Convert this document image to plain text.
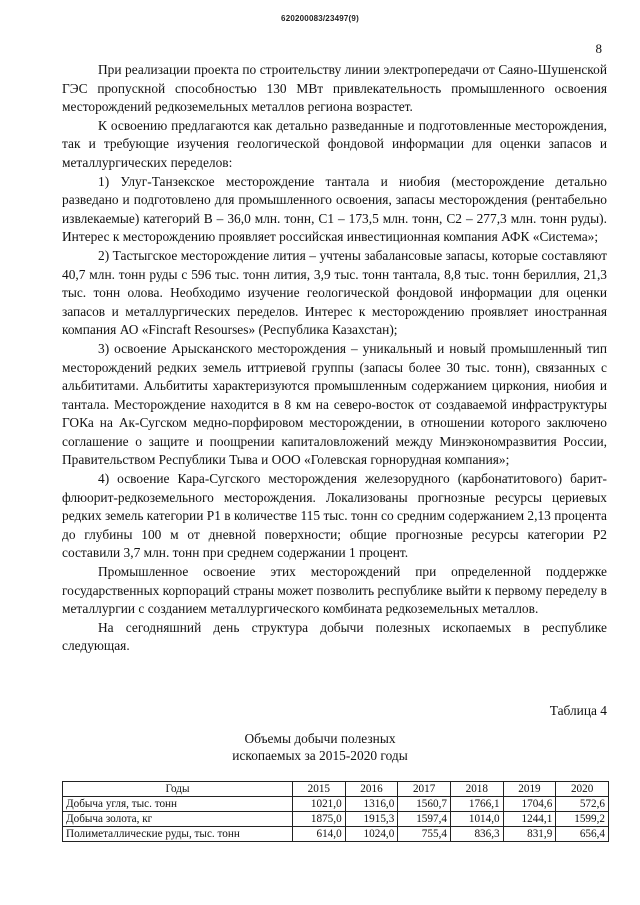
620200083/23497(9)
8

При реализации проекта по строительству линии электропередачи от Саяно-Шушенской ГЭС пропускной способностью 130 МВт привлекательность промышленного освоения месторождений редкоземельных металлов региона возрастет.

К освоению предлагаются как детально разведанные и подготовленные месторождения, так и требующие изучения геологической фондовой информации для оценки запасов и металлургических переделов:

1) Улуг-Танзекское месторождение тантала и ниобия (месторождение детально разведано и подготовлено для промышленного освоения, запасы месторождения (рентабельно извлекаемые) категорий В – 36,0 млн. тонн, С1 – 173,5 млн. тонн, С2 – 277,3 млн. тонн руды). Интерес к месторождению проявляет российская инвестиционная компания АФК «Система»;

2) Тастыгское месторождение лития – учтены забалансовые запасы, которые составляют 40,7 млн. тонн руды с 596 тыс. тонн лития, 3,9 тыс. тонн тантала, 8,8 тыс. тонн бериллия, 21,3 тыс. тонн олова. Необходимо изучение геологической фондовой информации для оценки запасов и металлургических переделов. Интерес к месторождению проявляет иностранная компания АО «Fincraft Resourses» (Республика Казахстан);

3) освоение Арысканского месторождения – уникальный и новый промышленный тип месторождений редких земель иттриевой группы (запасы более 30 тыс. тонн), связанных с альбититами. Альбититы характеризуются промышленным содержанием циркония, ниобия и тантала. Месторождение находится в 8 км на северо-восток от создаваемой инфраструктуры ГОКа на Ак-Сугском медно-порфировом месторождении, в отношении которого заключено соглашение о защите и поощрении капиталовложений между Минэкономразвития России, Правительством Республики Тыва и ООО «Голевская горнорудная компания»;

4) освоение Кара-Сугского месторождения железорудного (карбонатитового) барит-флюорит-редкоземельного месторождения. Локализованы прогнозные ресурсы цериевых редких земель категории Р1 в количестве 115 тыс. тонн со средним содержанием 2,13 процента до глубины 100 м от дневной поверхности; общие прогнозные ресурсы категории Р2 составили 3,7 млн. тонн при среднем содержании 1 процент.

Промышленное освоение этих месторождений при определенной поддержке государственных корпораций страны может позволить республике выйти к первому переделу в металлургии с созданием металлургического комбината редкоземельных металлов.

На сегодняшний день структура добычи полезных ископаемых в республике следующая.

Таблица 4
Объемы добычи полезных
ископаемых за 2015-2020 годы
Годы	2015	2016	2017	2018	2019	2020
Добыча угля, тыс. тонн	1021,0	1316,0	1560,7	1766,1	1704,6	572,6
Добыча золота, кг	1875,0	1915,3	1597,4	1014,0	1244,1	1599,2
Полиметаллические руды, тыс. тонн	614,0	1024,0	755,4	836,3	831,9	656,4
